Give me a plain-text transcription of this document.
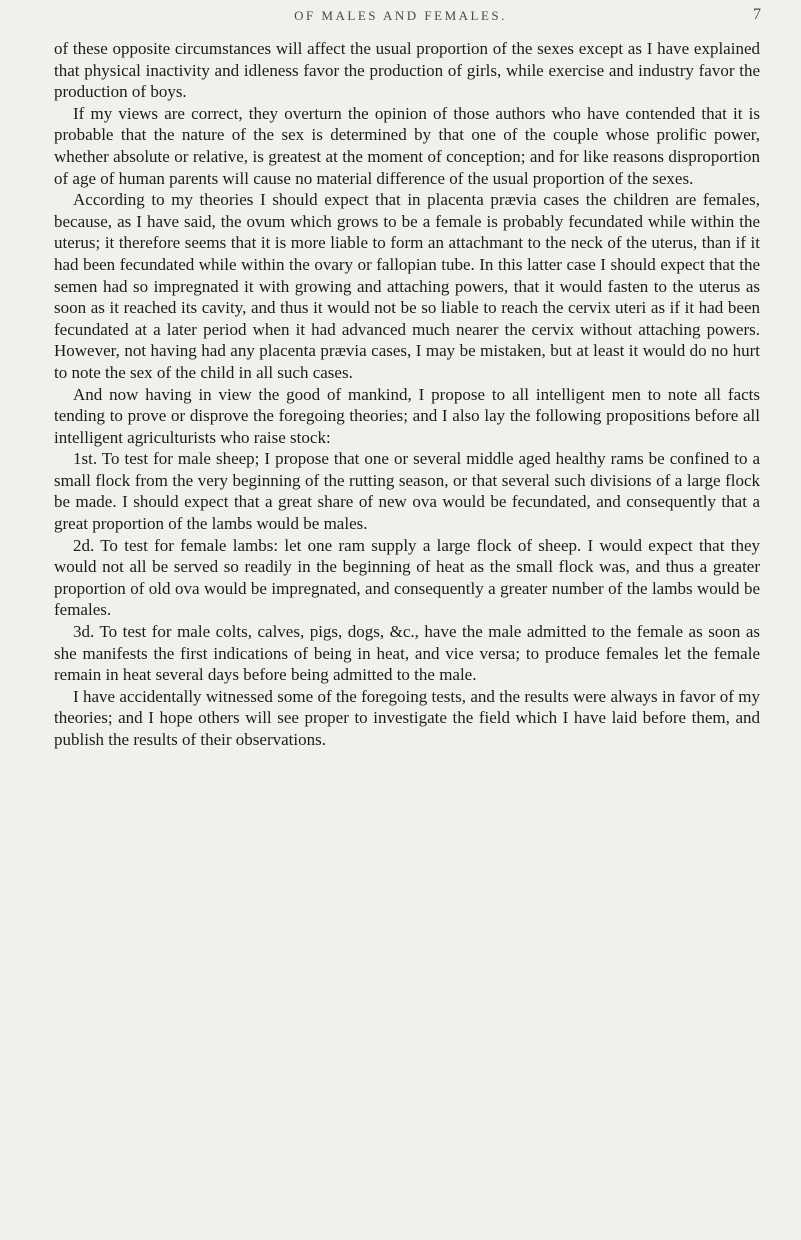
OF MALES AND FEMALES.	7

of these opposite circumstances will affect the usual proportion of the sexes except as I have explained that physical inactivity and idleness favor the production of girls, while exercise and industry favor the production of boys.

If my views are correct, they overturn the opinion of those authors who have contended that it is probable that the nature of the sex is determined by that one of the couple whose prolific power, whether absolute or relative, is greatest at the moment of conception; and for like reasons disproportion of age of human parents will cause no material difference of the usual proportion of the sexes.

According to my theories I should expect that in placenta prævia cases the children are females, because, as I have said, the ovum which grows to be a female is probably fecundated while within the uterus; it therefore seems that it is more liable to form an attachmant to the neck of the uterus, than if it had been fecundated while within the ovary or fallopian tube. In this latter case I should expect that the semen had so impregnated it with growing and attaching powers, that it would fasten to the uterus as soon as it reached its cavity, and thus it would not be so liable to reach the cervix uteri as if it had been fecundated at a later period when it had advanced much nearer the cervix without attaching powers. However, not having had any placenta prævia cases, I may be mistaken, but at least it would do no hurt to note the sex of the child in all such cases.

And now having in view the good of mankind, I propose to all intelligent men to note all facts tending to prove or disprove the foregoing theories; and I also lay the following propositions before all intelligent agriculturists who raise stock:

1st. To test for male sheep; I propose that one or several middle aged healthy rams be confined to a small flock from the very beginning of the rutting season, or that several such divisions of a large flock be made. I should expect that a great share of new ova would be fecundated, and consequently that a great proportion of the lambs would be males.

2d. To test for female lambs: let one ram supply a large flock of sheep. I would expect that they would not all be served so readily in the beginning of heat as the small flock was, and thus a greater proportion of old ova would be impregnated, and consequently a greater number of the lambs would be females.

3d. To test for male colts, calves, pigs, dogs, &c., have the male admitted to the female as soon as she manifests the first indications of being in heat, and vice versa; to produce females let the female remain in heat several days before being admitted to the male.

I have accidentally witnessed some of the foregoing tests, and the results were always in favor of my theories; and I hope others will see proper to investigate the field which I have laid before them, and publish the results of their observations.
